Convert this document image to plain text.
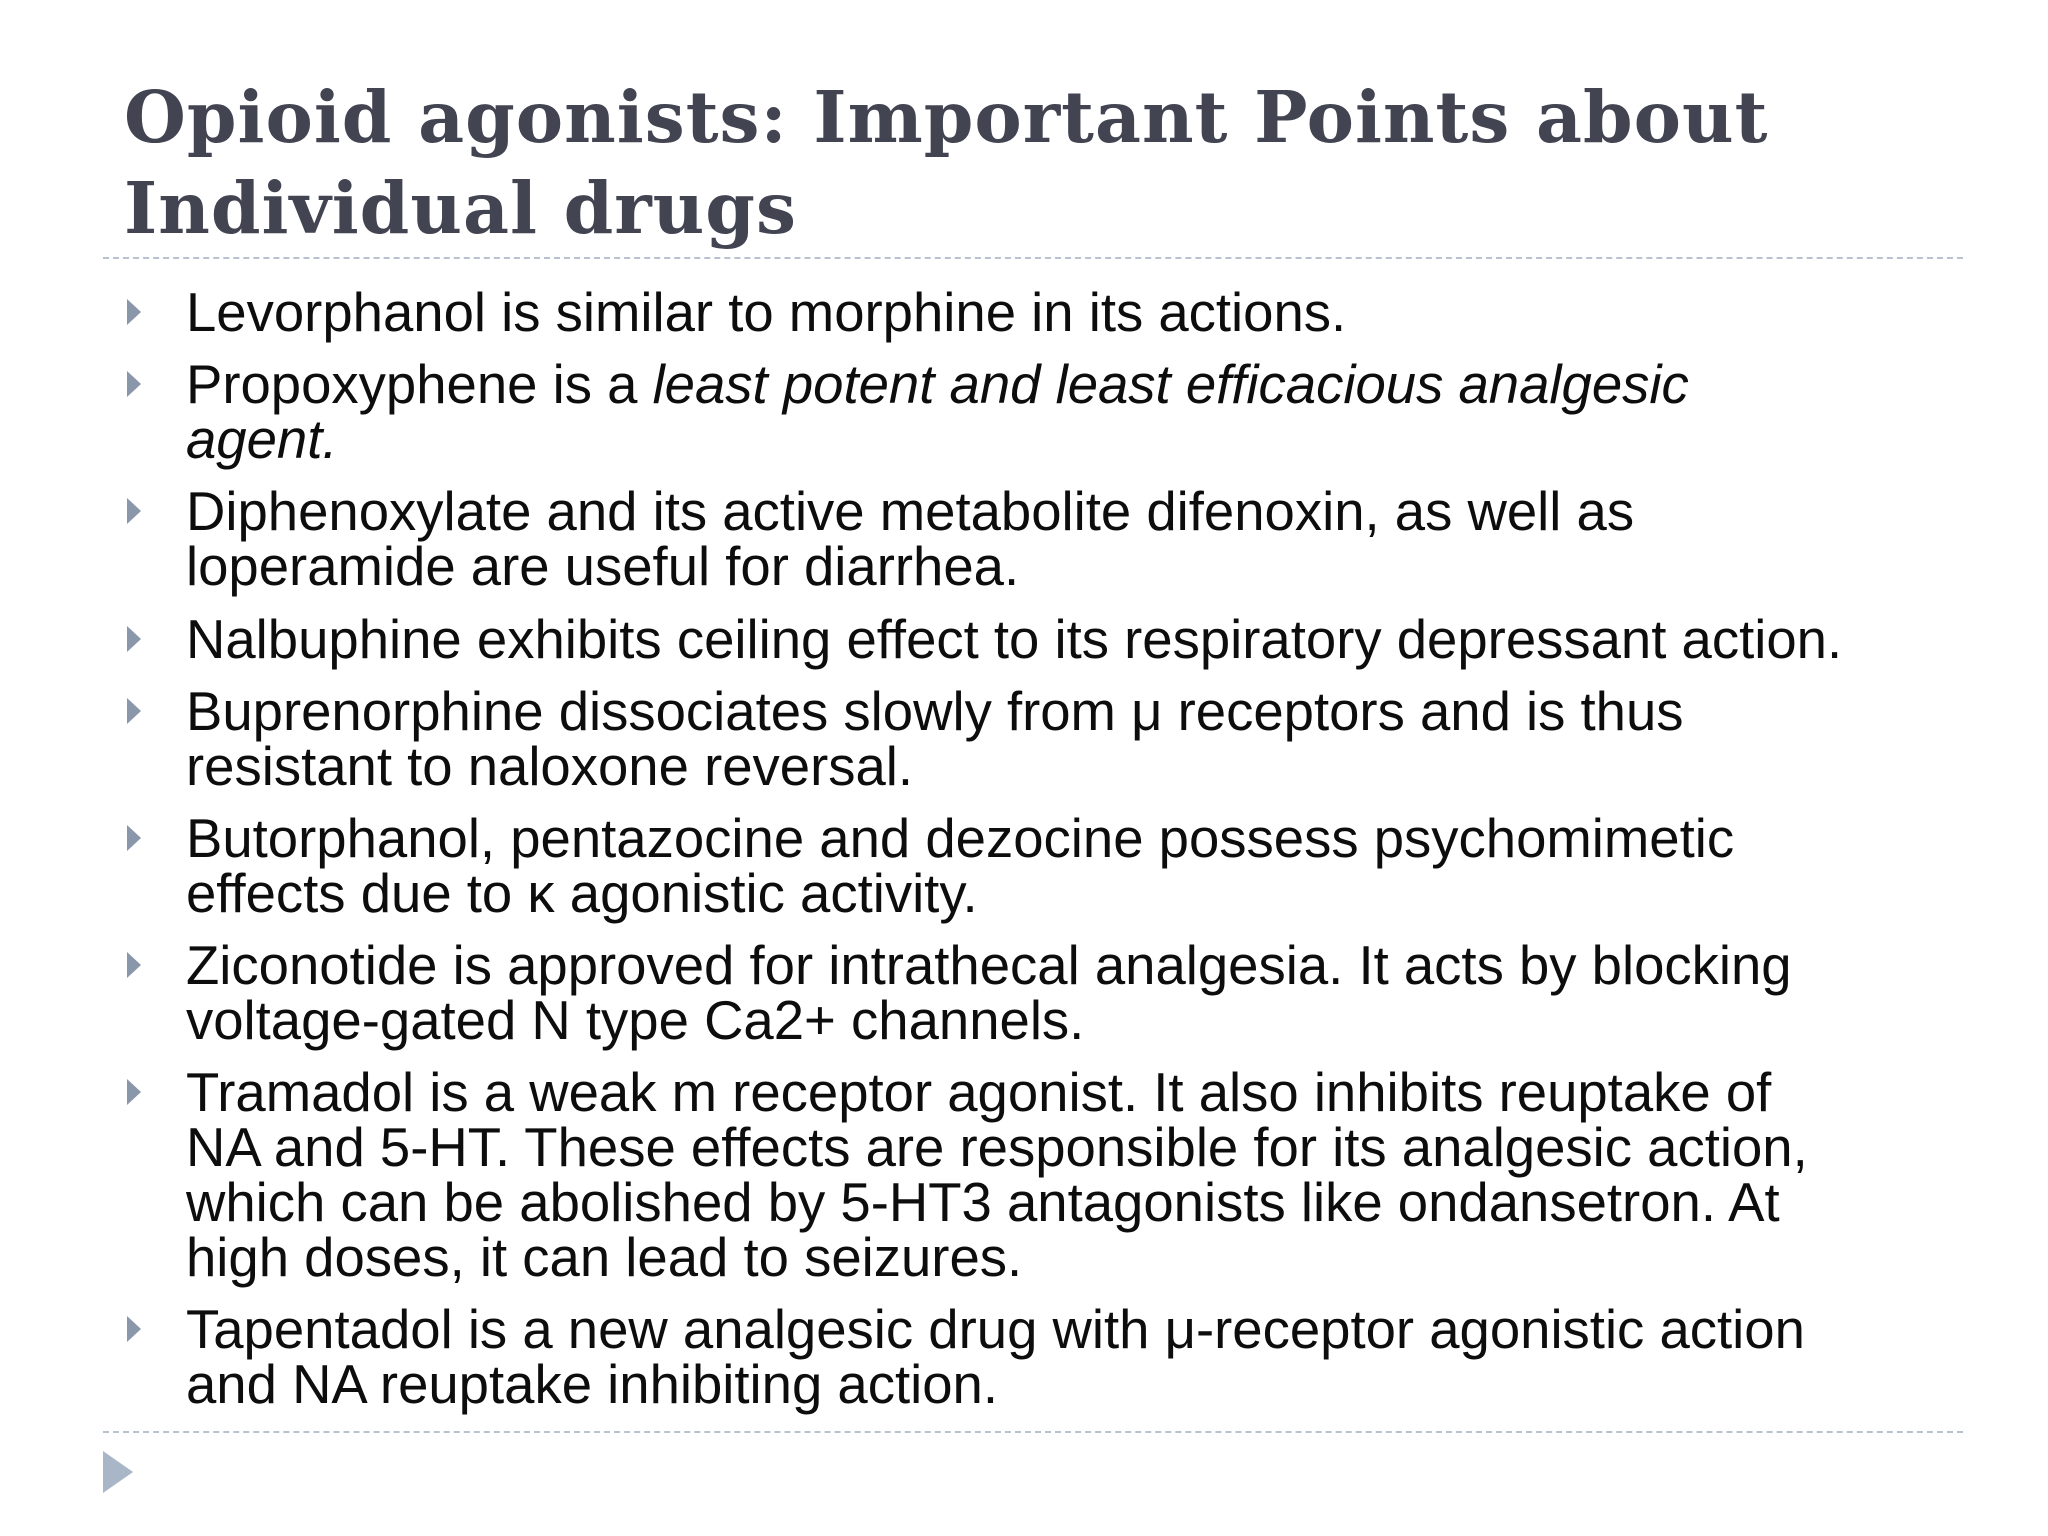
Opioid agonists: Important Points about
Individual drugs
Levorphanol is similar to morphine in its actions.
Propoxyphene is a least potent and least efficacious analgesic
agent.
Diphenoxylate and its active metabolite difenoxin, as well as
loperamide are useful for diarrhea.
Nalbuphine exhibits ceiling effect to its respiratory depressant action.
Buprenorphine dissociates slowly from μ receptors and is thus
resistant to naloxone reversal.
Butorphanol, pentazocine and dezocine possess psychomimetic
effects due to κ agonistic activity.
Ziconotide is approved for intrathecal analgesia. It acts by blocking
voltage-gated N type Ca2+ channels.
Tramadol is a weak m receptor agonist. It also inhibits reuptake of
NA and 5-HT. These effects are responsible for its analgesic action,
which can be abolished by 5-HT3 antagonists like ondansetron. At
high doses, it can lead to seizures.
Tapentadol is a new analgesic drug with μ-receptor agonistic action
and NA reuptake inhibiting action.
